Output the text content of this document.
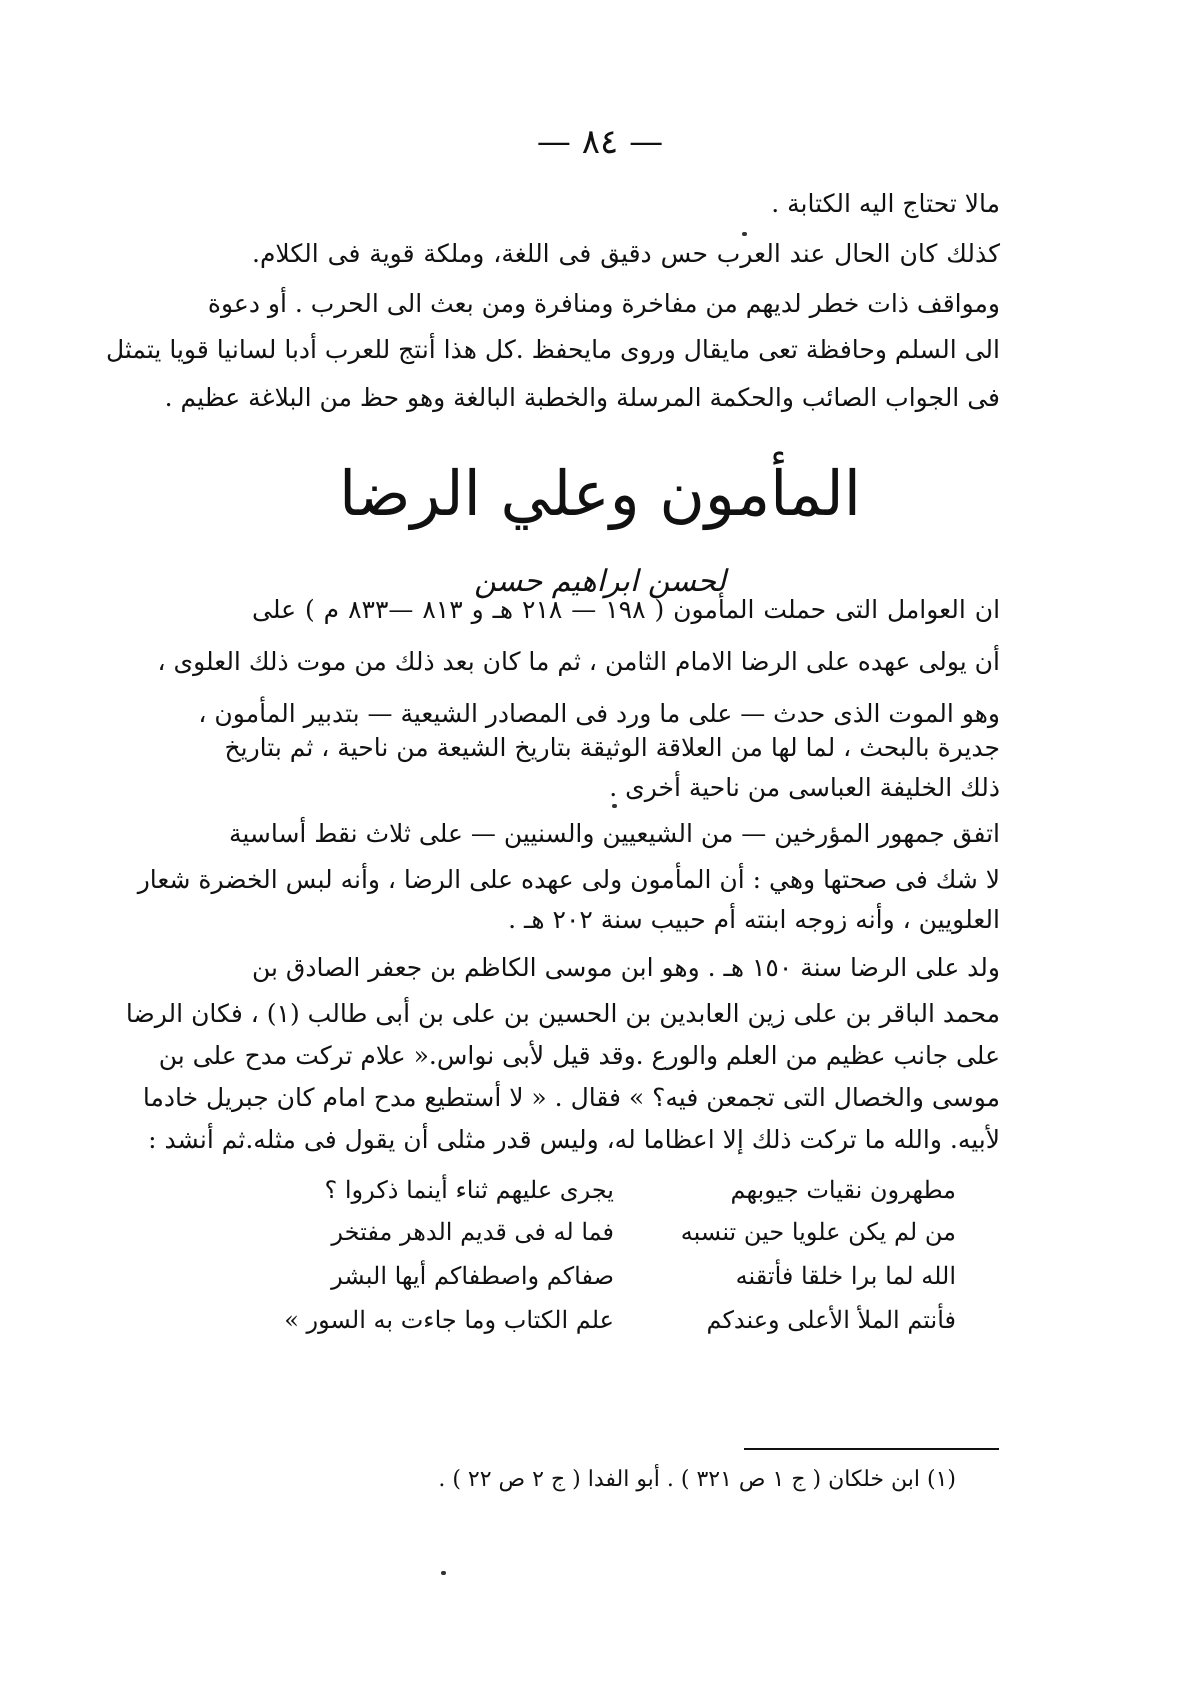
— ٨٤ —
مالا تحتاج اليه الكتابة .
كذلك كان الحال عند العرب حس دقيق فى اللغة، وملكة قوية فى الكلام.
ومواقف ذات خطر لديهم من مفاخرة ومنافرة ومن بعث الى الحرب . أو دعوة
الى السلم وحافظة تعى مايقال وروى مايحفظ .كل هذا أنتج للعرب أدبا لسانيا قويا يتمثل
فى الجواب الصائب والحكمة المرسلة والخطبة البالغة وهو حظ من البلاغة عظيم .
المأمون وعلي الرضا
لحسن ابراهيم حسن
ان العوامل التى حملت المأمون ( ١٩٨ — ٢١٨ هـ و ٨١٣ —٨٣٣ م ) على
أن يولى عهده على الرضا الامام الثامن ، ثم ما كان بعد ذلك من موت ذلك العلوى ،
وهو الموت الذى حدث — على ما ورد فى المصادر الشيعية — بتدبير المأمون ،
جديرة بالبحث ، لما لها من العلاقة الوثيقة بتاريخ الشيعة من ناحية ، ثم بتاريخ
ذلك الخليفة العباسى من ناحية أخرى .
اتفق جمهور المؤرخين — من الشيعيين والسنيين — على ثلاث نقط أساسية
لا شك فى صحتها وهي : أن المأمون ولى عهده على الرضا ، وأنه لبس الخضرة شعار
العلويين ، وأنه زوجه ابنته أم حبيب سنة ٢٠٢ هـ .
ولد على الرضا سنة ١٥٠ هـ . وهو ابن موسى الكاظم بن جعفر الصادق بن
محمد الباقر بن على زين العابدين بن الحسين بن على بن أبى طالب (١) ، فكان الرضا
على جانب عظيم من العلم والورع .وقد قيل لأبى نواس.« علام تركت مدح على بن
موسى والخصال التى تجمعن فيه؟ » فقال . « لا أستطيع مدح امام كان جبريل خادما
لأبيه. والله ما تركت ذلك إلا اعظاما له، وليس قدر مثلى أن يقول فى مثله.ثم أنشد :
مطهرون نقيات جيوبهم
يجرى عليهم ثناء أينما ذكروا ؟
من لم يكن علويا حين تنسبه
فما له فى قديم الدهر مفتخر
الله لما برا خلقا فأتقنه
صفاكم واصطفاكم أيها البشر
فأنتم الملأ الأعلى وعندكم
علم الكتاب وما جاءت به السور »
(١) ابن خلكان ( ج ١ ص ٣٢١ ) . أبو الفدا ( ج ٢ ص ٢٢ ) .
